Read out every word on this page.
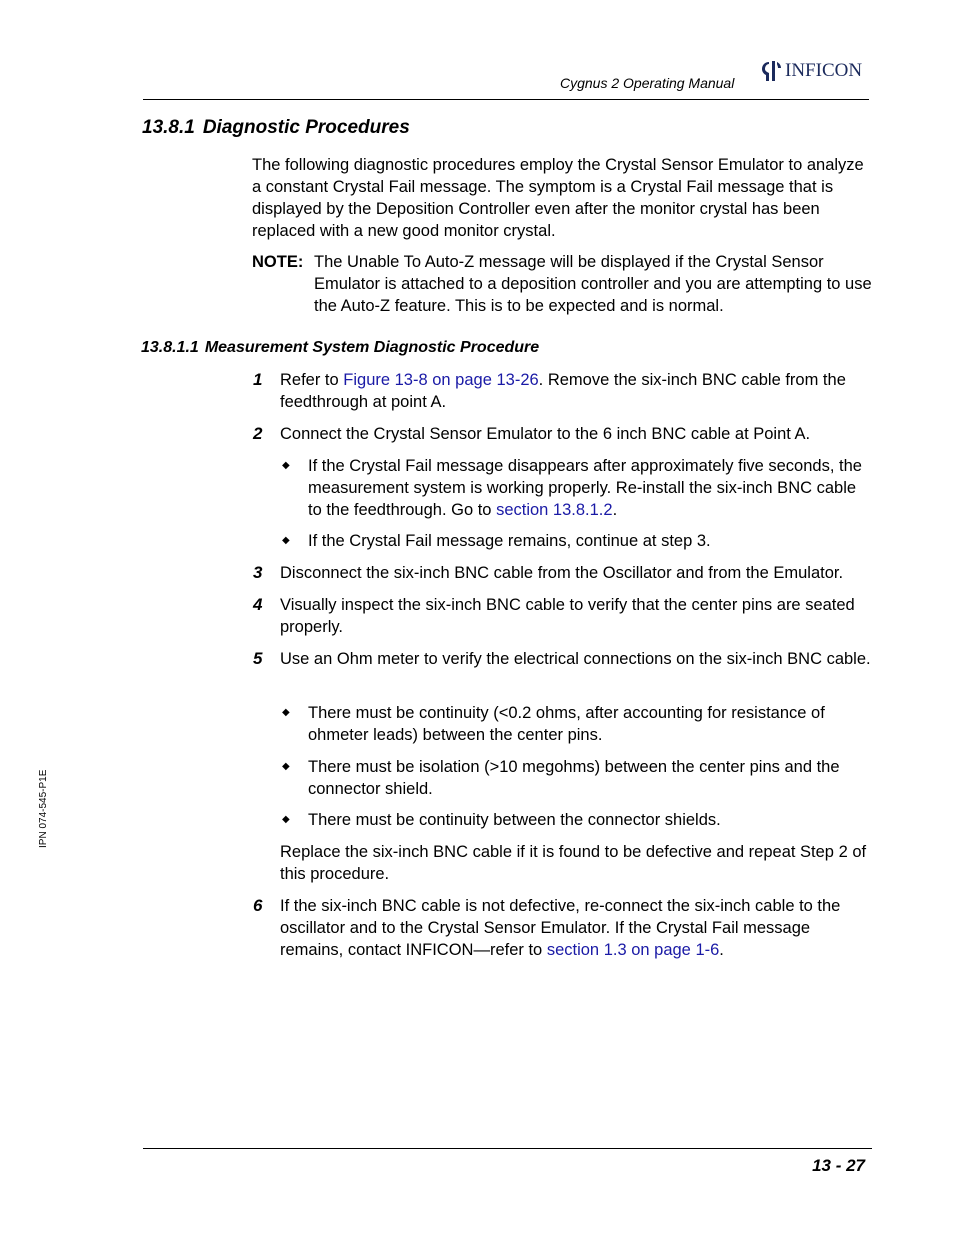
Cygnus 2 Operating Manual
INFICON
IPN 074-545-P1E
13.8.1 Diagnostic Procedures
The following diagnostic procedures employ the Crystal Sensor Emulator to analyze a constant Crystal Fail message. The symptom is a Crystal Fail message that is displayed by the Deposition Controller even after the monitor crystal has been replaced with a new good monitor crystal.
NOTE: The Unable To Auto-Z message will be displayed if the Crystal Sensor Emulator is attached to a deposition controller and you are attempting to use the Auto-Z feature. This is to be expected and is normal.
13.8.1.1 Measurement System Diagnostic Procedure
1 Refer to Figure 13-8 on page 13-26. Remove the six-inch BNC cable from the feedthrough at point A.
2 Connect the Crystal Sensor Emulator to the 6 inch BNC cable at Point A.
◆ If the Crystal Fail message disappears after approximately five seconds, the measurement system is working properly. Re-install the six-inch BNC cable to the feedthrough. Go to section 13.8.1.2.
◆ If the Crystal Fail message remains, continue at step 3.
3 Disconnect the six-inch BNC cable from the Oscillator and from the Emulator.
4 Visually inspect the six-inch BNC cable to verify that the center pins are seated properly.
5 Use an Ohm meter to verify the electrical connections on the six-inch BNC cable.
◆ There must be continuity (<0.2 ohms, after accounting for resistance of ohmeter leads) between the center pins.
◆ There must be isolation (>10 megohms) between the center pins and the connector shield.
◆ There must be continuity between the connector shields.
Replace the six-inch BNC cable if it is found to be defective and repeat Step 2 of this procedure.
6 If the six-inch BNC cable is not defective, re-connect the six-inch cable to the oscillator and to the Crystal Sensor Emulator. If the Crystal Fail message remains, contact INFICON—refer to section 1.3 on page 1-6.
13 - 27
